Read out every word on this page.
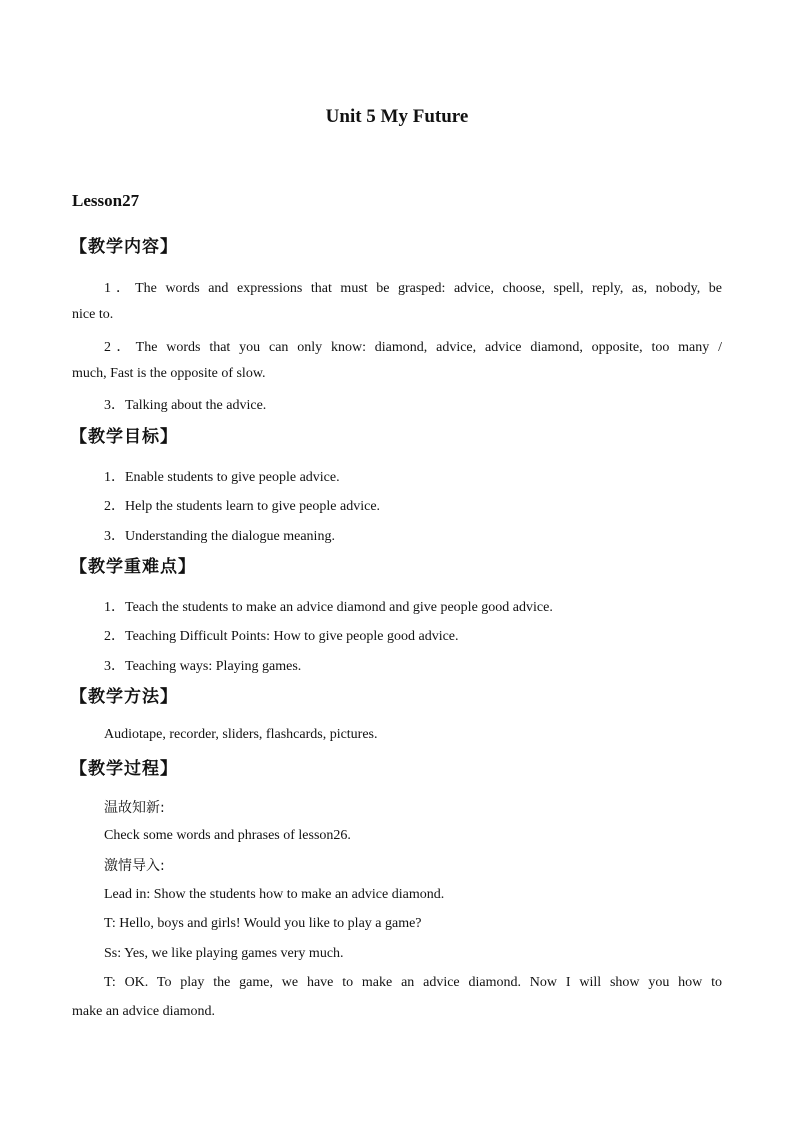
Unit 5 My Future
Lesson27
【教学内容】
1．The words and expressions that must be grasped: advice, choose, spell, reply, as, nobody, be
nice to.
2．The words that you can only know: diamond, advice, advice diamond, opposite, too many /
much, Fast is the opposite of slow.
3．Talking about the advice.
【教学目标】
1．Enable students to give people advice.
2．Help the students learn to give people advice.
3．Understanding the dialogue meaning.
【教学重难点】
1．Teach the students to make an advice diamond and give people good advice.
2．Teaching Difficult Points: How to give people good advice.
3．Teaching ways: Playing games.
【教学方法】
Audiotape, recorder, sliders, flashcards, pictures.
【教学过程】
温故知新:
Check some words and phrases of lesson26.
激情导入:
Lead in: Show the students how to make an advice diamond.
T: Hello, boys and girls! Would you like to play a game?
Ss: Yes, we like playing games very much.
T: OK. To play the game, we have to make an advice diamond. Now I will show you how to
make an advice diamond.
